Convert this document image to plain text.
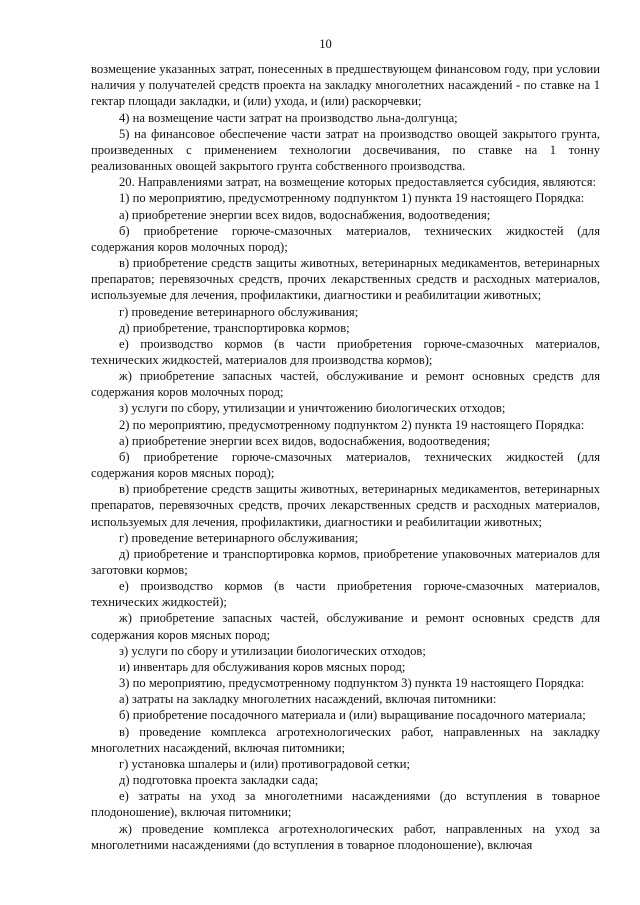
10

возмещение указанных затрат, понесенных в предшествующем финансовом году, при условии наличия у получателей средств проекта на закладку многолетних насаждений - по ставке на 1 гектар площади закладки, и (или) ухода, и (или) раскорчевки;

4) на возмещение части затрат на производство льна-долгунца;

5) на финансовое обеспечение части затрат на производство овощей закрытого грунта, произведенных с применением технологии досвечивания, по ставке на 1 тонну реализованных овощей закрытого грунта собственного производства.

20. Направлениями затрат, на возмещение которых предоставляется субсидия, являются:

1) по мероприятию, предусмотренному подпунктом 1) пункта 19 настоящего Порядка:

а) приобретение энергии всех видов, водоснабжения, водоотведения;

б) приобретение горюче-смазочных материалов, технических жидкостей (для содержания коров молочных пород);

в) приобретение средств защиты животных, ветеринарных медикаментов, ветеринарных препаратов; перевязочных средств, прочих лекарственных средств и расходных материалов, используемые для лечения, профилактики, диагностики и реабилитации животных;

г) проведение ветеринарного обслуживания;

д) приобретение, транспортировка кормов;

е) производство кормов (в части приобретения горюче-смазочных материалов, технических жидкостей, материалов для производства кормов);

ж) приобретение запасных частей, обслуживание и ремонт основных средств для содержания коров молочных пород;

з) услуги по сбору, утилизации и уничтожению биологических отходов;

2) по мероприятию, предусмотренному подпунктом 2) пункта 19 настоящего Порядка:

а) приобретение энергии всех видов, водоснабжения, водоотведения;

б) приобретение горюче-смазочных материалов, технических жидкостей (для содержания коров мясных пород);

в) приобретение средств защиты животных, ветеринарных медикаментов, ветеринарных препаратов, перевязочных средств, прочих лекарственных средств и расходных материалов, используемых для лечения, профилактики, диагностики и реабилитации животных;

г) проведение ветеринарного обслуживания;

д) приобретение и транспортировка кормов, приобретение упаковочных материалов для заготовки кормов;

е) производство кормов (в части приобретения горюче-смазочных материалов, технических жидкостей);

ж) приобретение запасных частей, обслуживание и ремонт основных средств для содержания коров мясных пород;

з) услуги по сбору и утилизации биологических отходов;

и) инвентарь для обслуживания коров мясных пород;

3) по мероприятию, предусмотренному подпунктом 3) пункта 19 настоящего Порядка:

а) затраты на закладку многолетних насаждений, включая питомники:

б) приобретение посадочного материала и (или) выращивание посадочного материала;

в) проведение комплекса агротехнологических работ, направленных на закладку многолетних насаждений, включая питомники;

г) установка шпалеры и (или) противоградовой сетки;

д) подготовка проекта закладки сада;

е) затраты на уход за многолетними насаждениями (до вступления в товарное плодоношение), включая питомники;

ж) проведение комплекса агротехнологических работ, направленных на уход за многолетними насаждениями (до вступления в товарное плодоношение), включая
